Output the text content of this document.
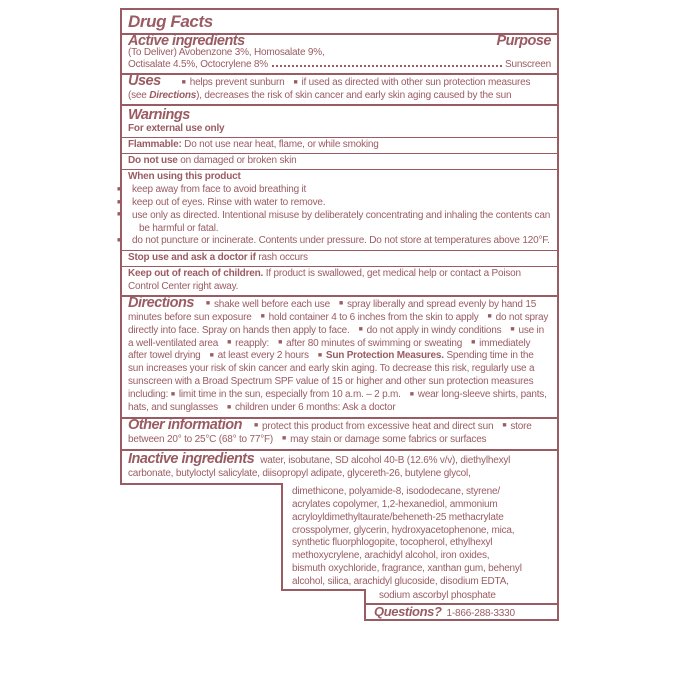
Drug Facts
Active ingredients	Purpose
(To Deliver) Avobenzone 3%, Homosalate 9%,
Octisalate 4.5%, Octocrylene 8%	Sunscreen
Uses	■ helps prevent sunburn ■ if used as directed with other sun protection measures (see Directions), decreases the risk of skin cancer and early skin aging caused by the sun
Warnings
For external use only
Flammable: Do not use near heat, flame, or while smoking
Do not use on damaged or broken skin
When using this product
■ keep away from face to avoid breathing it
■ keep out of eyes. Rinse with water to remove.
■ use only as directed. Intentional misuse by deliberately concentrating and inhaling the contents can be harmful or fatal.
■ do not puncture or incinerate. Contents under pressure. Do not store at temperatures above 120°F.
Stop use and ask a doctor if rash occurs
Keep out of reach of children. If product is swallowed, get medical help or contact a Poison Control Center right away.
Directions ■ shake well before each use ■ spray liberally and spread evenly by hand 15 minutes before sun exposure ■ hold container 4 to 6 inches from the skin to apply ■ do not spray directly into face. Spray on hands then apply to face. ■ do not apply in windy conditions ■ use in a well-ventilated area ■ reapply: ■ after 80 minutes of swimming or sweating ■ immediately after towel drying ■ at least every 2 hours ■ Sun Protection Measures. Spending time in the sun increases your risk of skin cancer and early skin aging. To decrease this risk, regularly use a sunscreen with a Broad Spectrum SPF value of 15 or higher and other sun protection measures including: ■ limit time in the sun, especially from 10 a.m. – 2 p.m. ■ wear long-sleeve shirts, pants, hats, and sunglasses ■ children under 6 months: Ask a doctor
Other information ■ protect this product from excessive heat and direct sun ■ store between 20° to 25°C (68° to 77°F) ■ may stain or damage some fabrics or surfaces
Inactive ingredients water, isobutane, SD alcohol 40-B (12.6% v/v), diethylhexyl carbonate, butyloctyl salicylate, diisopropyl adipate, glycereth-26, butylene glycol,
dimethicone, polyamide-8, isododecane, styrene/
acrylates copolymer, 1,2-hexanediol, ammonium
acryloyldimethyltaurate/beheneth-25 methacrylate
crosspolymer, glycerin, hydroxyacetophenone, mica,
synthetic fluorphlogopite, tocopherol, ethylhexyl
methoxycrylene, arachidyl alcohol, iron oxides,
bismuth oxychloride, fragrance, xanthan gum, behenyl
alcohol, silica, arachidyl glucoside, disodium EDTA,
sodium ascorbyl phosphate
Questions? 1-866-288-3330
